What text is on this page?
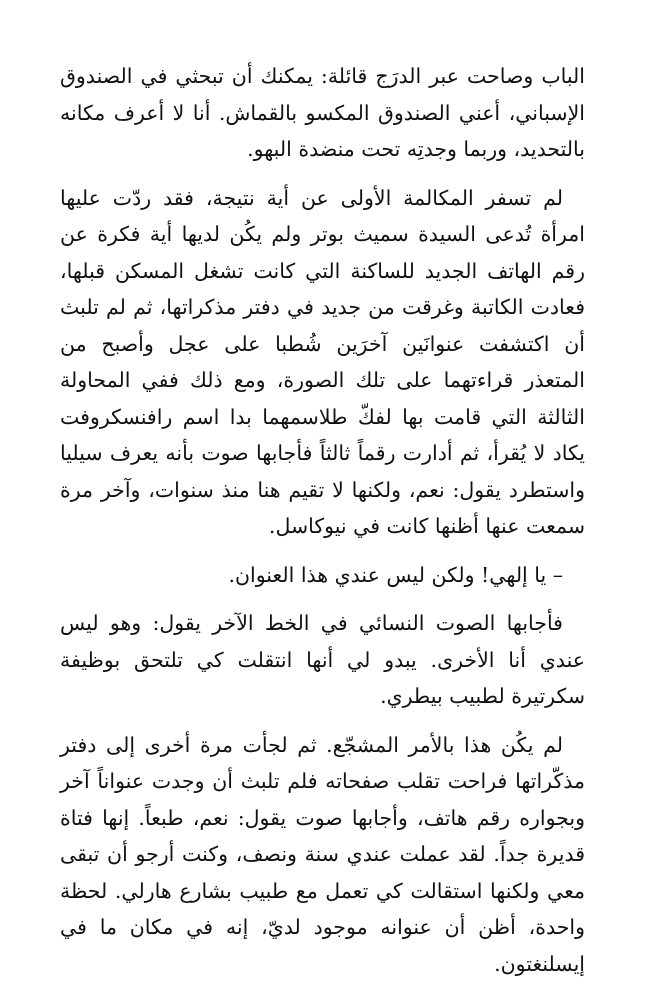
الباب وصاحت عبر الدرَج قائلة: يمكنك أن تبحثي في الصندوق الإسباني، أعني الصندوق المكسو بالقماش. أنا لا أعرف مكانه بالتحديد، وربما وجدتِه تحت منضدة البهو.

لم تسفر المكالمة الأولى عن أية نتيجة، فقد ردّت عليها امرأة تُدعى السيدة سميث بوتر ولم يكُن لديها أية فكرة عن رقم الهاتف الجديد للساكنة التي كانت تشغل المسكن قبلها، فعادت الكاتبة وغرقت من جديد في دفتر مذكراتها، ثم لم تلبث أن اكتشفت عنوانَين آخرَين شُطبا على عجل وأصبح من المتعذر قراءتهما على تلك الصورة، ومع ذلك ففي المحاولة الثالثة التي قامت بها لفكّ طلاسمهما بدا اسم رافنسكروفت يكاد لا يُقرأ، ثم أدارت رقماً ثالثاً فأجابها صوت بأنه يعرف سيليا واستطرد يقول: نعم، ولكنها لا تقيم هنا منذ سنوات، وآخر مرة سمعت عنها أظنها كانت في نيوكاسل.

– يا إلهي! ولكن ليس عندي هذا العنوان.

فأجابها الصوت النسائي في الخط الآخر يقول: وهو ليس عندي أنا الأخرى. يبدو لي أنها انتقلت كي تلتحق بوظيفة سكرتيرة لطبيب بيطري.

لم يكُن هذا بالأمر المشجّع. ثم لجأت مرة أخرى إلى دفتر مذكّراتها فراحت تقلب صفحاته فلم تلبث أن وجدت عنواناً آخر وبجواره رقم هاتف، وأجابها صوت يقول: نعم، طبعاً. إنها فتاة قديرة جداً. لقد عملت عندي سنة ونصف، وكنت أرجو أن تبقى معي ولكنها استقالت كي تعمل مع طبيب بشارع هارلي. لحظة واحدة، أظن أن عنوانه موجود لديّ، إنه في مكان ما في إيسلنغتون.
